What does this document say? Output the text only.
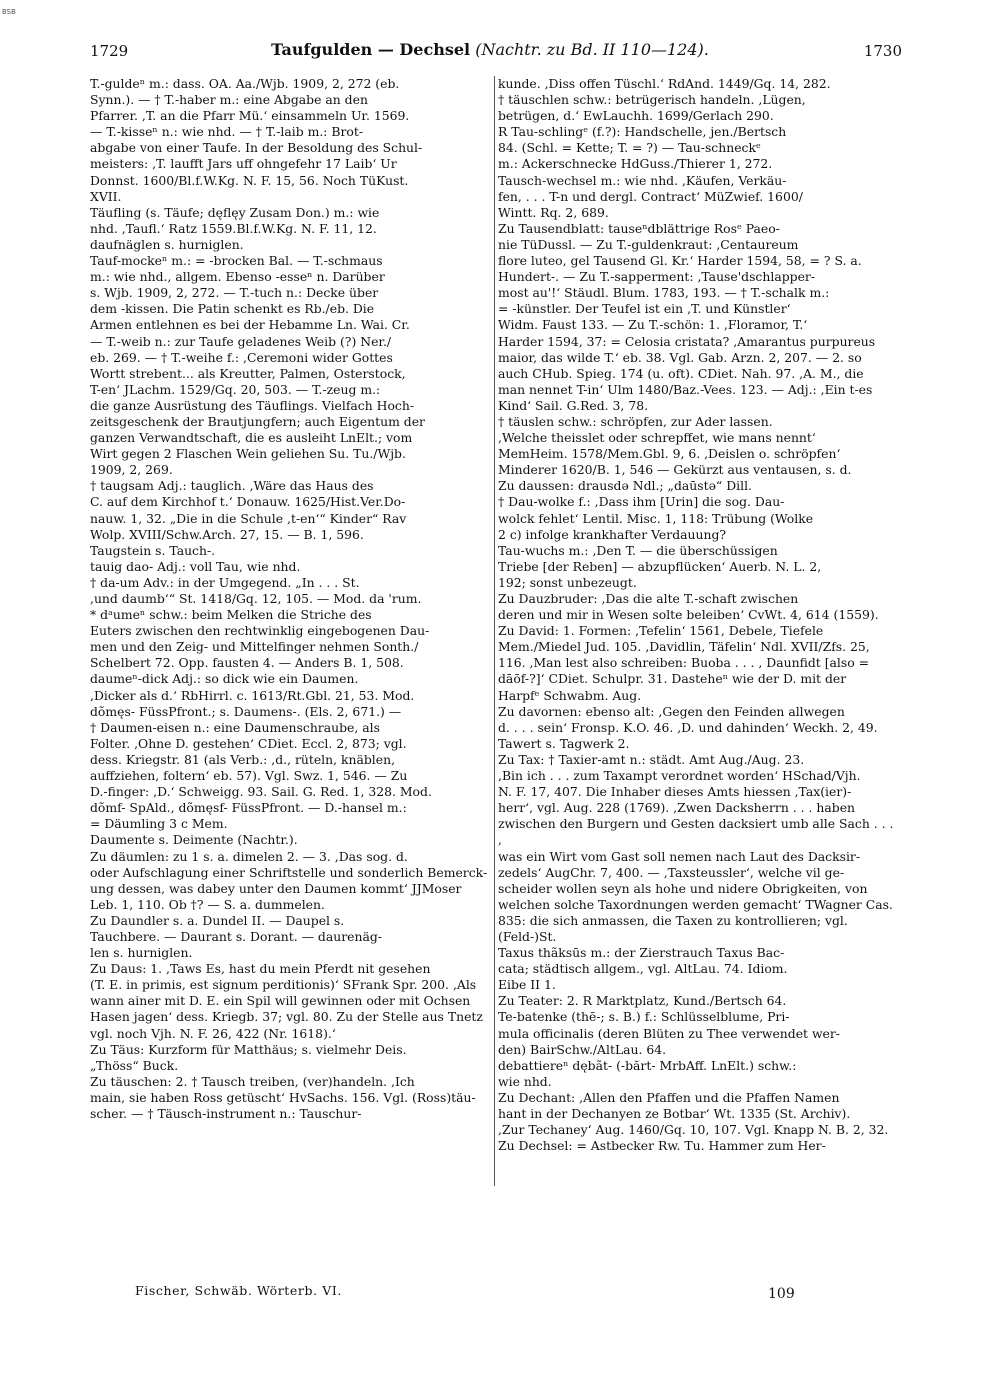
BSB
1729	Taufgulden — Dechsel (Nachtr. zu Bd. II 110—124).	1730

T.-guldeⁿ m.: dass. OA. Aa./Wjb. 1909, 2, 272 (eb.

Synn.). — † T.-haber m.: eine Abgabe an den

Pfarrer. ,T. an die Pfarr Mü.‘ einsammeln Ur. 1569.

— T.-kisseⁿ n.: wie nhd. — † T.-laib m.: Brot-

abgabe von einer Taufe. In der Besoldung des Schul-

meisters: ,T. laufft Jars uff ohngefehr 17 Laib‘ Ur

Donnst. 1600/Bl.f.W.Kg. N. F. 15, 56. Noch TüKust.

XVII.

Täufling (s. Täufe; dęflęy Zusam Don.) m.: wie

nhd. ,Taufl.‘ Ratz 1559.Bl.f.W.Kg. N. F. 11, 12.

daufnäglen s. hurniglen.

Tauf-mockeⁿ m.: = -brocken Bal. — T.-schmaus

m.: wie nhd., allgem. Ebenso -esseⁿ n. Darüber

s. Wjb. 1909, 2, 272. — T.-tuch n.: Decke über

dem -kissen. Die Patin schenkt es Rb./eb. Die

Armen entlehnen es bei der Hebamme Ln. Wai. Cr.

— T.-weib n.: zur Taufe geladenes Weib (?) Ner./

eb. 269. — † T.-weihe f.: ,Ceremoni wider Gottes

Wortt strebent... als Kreutter, Palmen, Osterstock,

T-en‘ JLachm. 1529/Gq. 20, 503. — T.-zeug m.:

die ganze Ausrüstung des Täuflings. Vielfach Hoch-

zeitsgeschenk der Brautjungfern; auch Eigentum der

ganzen Verwandtschaft, die es ausleiht LnElt.; vom

Wirt gegen 2 Flaschen Wein geliehen Su. Tu./Wjb.

1909, 2, 269.

† taugsam Adj.: tauglich. ,Wäre das Haus des

C. auf dem Kirchhof t.‘ Donauw. 1625/Hist.Ver.Do-

nauw. 1, 32. „Die in die Schule ,t-en‘“ Kinder“ Rav

Wolp. XVIII/Schw.Arch. 27, 15. — B. 1, 596.

Taugstein s. Tauch-.

tauig dao- Adj.: voll Tau, wie nhd.

† da-um Adv.: in der Umgegend. „In . . . St.

,und daumb‘“ St. 1418/Gq. 12, 105. — Mod. da 'rum.

* dᵃumeⁿ schw.: beim Melken die Striche des

Euters zwischen den rechtwinklig eingebogenen Dau-

men und den Zeig- und Mittelfinger nehmen Sonth./

Schelbert 72. Opp. fausten 4. — Anders B. 1, 508.

daumeⁿ-dick Adj.: so dick wie ein Daumen.

,Dicker als d.‘ RbHirrl. c. 1613/Rt.Gbl. 21, 53. Mod.

dõmęs- FüssPfront.; s. Daumens-. (Els. 2, 671.) —

† Daumen-eisen n.: eine Daumenschraube, als

Folter. ,Ohne D. gestehen‘ CDiet. Eccl. 2, 873; vgl.

dess. Kriegstr. 81 (als Verb.: ,d., rüteln, knäblen,

auffziehen, foltern‘ eb. 57). Vgl. Swz. 1, 546. — Zu

D.-finger: ,D.‘ Schweigg. 93. Sail. G. Red. 1, 328. Mod.

dõmf- SpAld., dõmęsf- FüssPfront. — D.-hansel m.:

= Däumling 3 c Mem.

Daumente s. Deimente (Nachtr.).

Zu däumlen: zu 1 s. a. dimelen 2. — 3. ,Das sog. d.

oder Aufschlagung einer Schriftstelle und sonderlich Bemerck-

ung dessen, was dabey unter den Daumen kommt‘ JJMoser

Leb. 1, 110. Ob †? — S. a. dummelen.

Zu Daundler s. a. Dundel II. — Daupel s.

Tauchbere. — Daurant s. Dorant. — daurenäg-

len s. hurniglen.

Zu Daus: 1. ,Taws Es, hast du mein Pferdt nit gesehen

(T. E. in primis, est signum perditionis)‘ SFrank Spr. 200. ,Als

wann ainer mit D. E. ein Spil will gewinnen oder mit Ochsen

Hasen jagen‘ dess. Kriegb. 37; vgl. 80. Zu der Stelle aus Tnetz

vgl. noch Vjh. N. F. 26, 422 (Nr. 1618).‘

Zu Täus: Kurzform für Matthäus; s. vielmehr Deis.

„Thöss“ Buck.

Zu täuschen: 2. † Tausch treiben, (ver)handeln. ,Ich

main, sie haben Ross getüscht‘ HvSachs. 156. Vgl. (Ross)täu-

scher. — † Täusch-instrument n.: Tauschur-

kunde. ,Diss offen Tüschl.‘ RdAnd. 1449/Gq. 14, 282.

† täuschlen schw.: betrügerisch handeln. ,Lügen,

betrügen, d.‘ EwLauchh. 1699/Gerlach 290.

R Tau-schlingᵉ (f.?): Handschelle, jen./Bertsch

84. (Schl. = Kette; T. = ?) — Tau-schneckᵉ

m.: Ackerschnecke HdGuss./Thierer 1, 272.

Tausch-wechsel m.: wie nhd. ,Käufen, Verkäu-

fen, . . . T-n und dergl. Contract‘ MüZwief. 1600/

Wintt. Rq. 2, 689.

Zu Tausendblatt: tauseⁿdblättrige Rosᵉ Paeo-

nie TüDussl. — Zu T.-guldenkraut: ,Centaureum

flore luteo, gel Tausend Gl. Kr.‘ Harder 1594, 58, = ? S. a.

Hundert-. — Zu T.-sapperment: ,Tause'dschlapper-

most au'!‘ Stäudl. Blum. 1783, 193. — † T.-schalk m.:

= -künstler. Der Teufel ist ein ,T. und Künstler‘

Widm. Faust 133. — Zu T.-schön: 1. ,Floramor, T.‘

Harder 1594, 37: = Celosia cristata? ,Amarantus purpureus

maior, das wilde T.‘ eb. 38. Vgl. Gab. Arzn. 2, 207. — 2. so

auch CHub. Spieg. 174 (u. oft). CDiet. Nah. 97. ,A. M., die

man nennet T-in‘ Ulm 1480/Baz.-Vees. 123. — Adj.: ,Ein t-es

Kind‘ Sail. G.Red. 3, 78.

† täuslen schw.: schröpfen, zur Ader lassen.

,Welche theisslet oder schrepffet, wie mans nennt‘

MemHeim. 1578/Mem.Gbl. 9, 6. ,Deislen o. schröpfen‘

Minderer 1620/B. 1, 546 — Gekürzt aus ventausen, s. d.

Zu daussen: drausdə Ndl.; „daūstə“ Dill.

† Dau-wolke f.: ,Dass ihm [Urin] die sog. Dau-

wolck fehlet‘ Lentil. Misc. 1, 118: Trübung (Wolke

2 c) infolge krankhafter Verdauung?

Tau-wuchs m.: ,Den T. — die überschüssigen

Triebe [der Reben] — abzupflücken‘ Auerb. N. L. 2,

192; sonst unbezeugt.

Zu Dauzbruder: ,Das die alte T.-schaft zwischen

deren und mir in Wesen solte beleiben‘ CvWt. 4, 614 (1559).

Zu David: 1. Formen: ,Tefelin‘ 1561, Debele, Tiefele

Mem./Miedel Jud. 105. ,Davidlin, Täfelin‘ Ndl. XVII/Zfs. 25,

116. ,Man lest also schreiben: Buoba . . . , Daunfidt [also =

dāōf-?]‘ CDiet. Schulpr. 31. Dasteheⁿ wie der D. mit der

Harpfᵉ Schwabm. Aug.

Zu davornen: ebenso alt: ,Gegen den Feinden allwegen

d. . . . sein‘ Fronsp. K.O. 46. ,D. und dahinden‘ Weckh. 2, 49.

Tawert s. Tagwerk 2.

Zu Tax: † Taxier-amt n.: städt. Amt Aug./Aug. 23.

,Bin ich . . . zum Taxampt verordnet worden‘ HSchad/Vjh.

N. F. 17, 407. Die Inhaber dieses Amts hiessen ,Tax(ier)-

herr‘, vgl. Aug. 228 (1769). ,Zwen Dacksherrn . . . haben

zwischen den Burgern und Gesten dacksiert umb alle Sach . . . ,

was ein Wirt vom Gast soll nemen nach Laut des Dacksir-

zedels‘ AugChr. 7, 400. — ,Taxsteussler‘, welche vil ge-

scheider wollen seyn als hohe und nidere Obrigkeiten, von

welchen solche Taxordnungen werden gemacht‘ TWagner Cas.

835: die sich anmassen, die Taxen zu kontrollieren; vgl. (Feld-)St.

Taxus thãksūs m.: der Zierstrauch Taxus Bac-

cata; städtisch allgem., vgl. AltLau. 74. Idiom.

Eibe II 1.

Zu Teater: 2. R Marktplatz, Kund./Bertsch 64.

Te-batenke (thē-; s. B.) f.: Schlüsselblume, Pri-

mula officinalis (deren Blüten zu Thee verwendet wer-

den) BairSchw./AltLau. 64.

debattiereⁿ dębãt- (-bărt- MrbAff. LnElt.) schw.:

wie nhd.

Zu Dechant: ,Allen den Pfaffen und die Pfaffen Namen

hant in der Dechanyen ze Botbar‘ Wt. 1335 (St. Archiv).

,Zur Techaney‘ Aug. 1460/Gq. 10, 107. Vgl. Knapp N. B. 2, 32.

Zu Dechsel: = Astbecker Rw. Tu. Hammer zum Her-

Fischer, Schwäb. Wörterb. VI.	109
